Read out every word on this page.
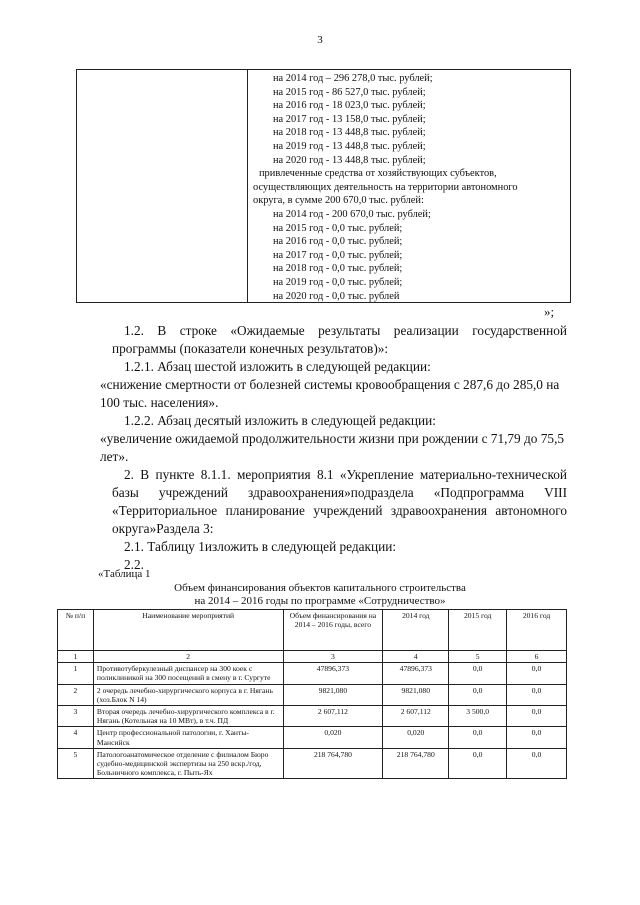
3
на 2014 год – 296 278,0 тыс. рублей;
на 2015 год - 86 527,0 тыс. рублей;
на 2016 год - 18 023,0 тыс. рублей;
на 2017 год - 13 158,0 тыс. рублей;
на 2018 год - 13 448,8 тыс. рублей;
на 2019 год - 13 448,8 тыс. рублей;
на 2020 год - 13 448,8 тыс. рублей;
привлеченные средства от хозяйствующих субъектов,
осуществляющих деятельность на территории автономного
округа, в сумме 200 670,0 тыс. рублей:
на 2014 год - 200 670,0 тыс. рублей;
на 2015 год - 0,0 тыс. рублей;
на 2016 год - 0,0 тыс. рублей;
на 2017 год - 0,0 тыс. рублей;
на 2018 год - 0,0 тыс. рублей;
на 2019 год - 0,0 тыс. рублей;
на 2020 год - 0,0 тыс. рублей
»;

1.2. В строке «Ожидаемые результаты реализации государственной программы (показатели конечных результатов)»:

1.2.1. Абзац шестой изложить в следующей редакции:

«снижение смертности от болезней системы кровообращения с 287,6 до 285,0 на 100 тыс. населения».

1.2.2. Абзац десятый изложить в следующей редакции:

«увеличение ожидаемой продолжительности жизни при рождении с 71,79 до 75,5 лет».

2. В пункте 8.1.1. мероприятия 8.1 «Укрепление материально-технической базы учреждений здравоохранения»подраздела «Подпрограмма VIII «Территориальное планирование учреждений здравоохранения автономного округа»Раздела 3:

2.1. Таблицу 1изложить в следующей редакции:

2.2.

«Таблица 1
Объем финансирования объектов капитального строительства
на 2014 – 2016 годы по программе «Сотрудничество»
№ п/п	Наименование мероприятий	Объем финансирования на 2014 – 2016 годы, всего	2014 год	2015 год	2016 год
1	2	3	4	5	6
1	Противотуберкулезный диспансер на 300 коек с поликлиникой на 300 посещений в смену в г. Сургуте	47896,373	47896,373	0,0	0,0
2	2 очередь лечебно-хирургического корпуса в г. Нягань (хоз.Блок N 14)	9821,080	9821,080	0,0	0,0
3	Вторая очередь лечебно-хирургического комплекса в г. Нягань (Котельная на 10 МВт), в т.ч. ПД	2 607,112	2 607,112	3 500,0	0,0
4	Центр профессиональной патологии, г. Ханты-Мансийск	0,020	0,020	0,0	0,0
5	Патологоанатомическое отделение с филиалом Бюро судебно-медицинской экспертизы на 250 вскр./год, Больничного комплекса, г. Пыть-Ях	218 764,780	218 764,780	0,0	0,0
